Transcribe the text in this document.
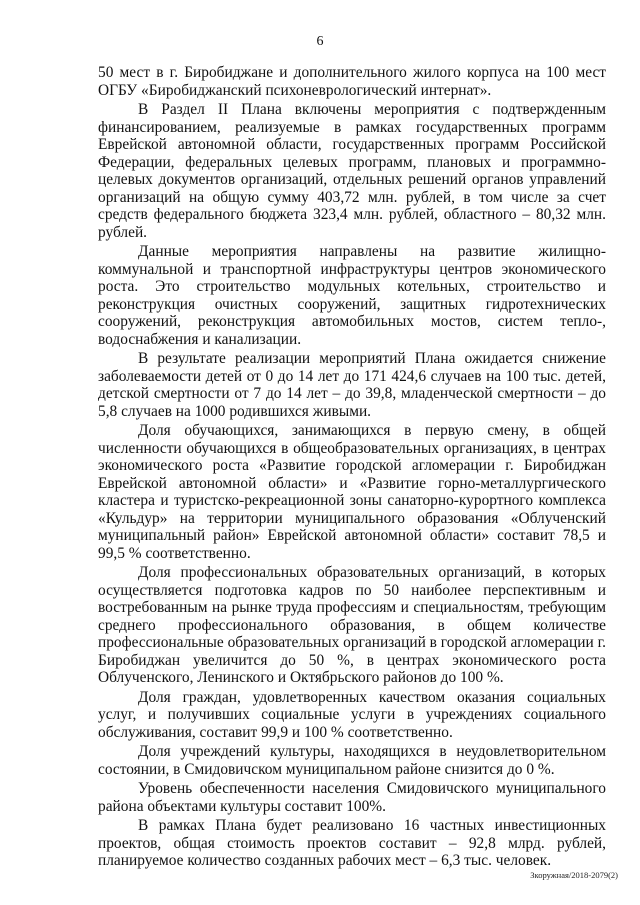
6

50 мест в г. Биробиджане и дополнительного жилого корпуса на 100 мест ОГБУ «Биробиджанский психоневрологический интернат».

В Раздел II Плана включены мероприятия с подтвержденным финансированием, реализуемые в рамках государственных программ Еврейской автономной области, государственных программ Российской Федерации, федеральных целевых программ, плановых и программно-целевых документов организаций, отдельных решений органов управлений организаций на общую сумму 403,72 млн. рублей, в том числе за счет средств федерального бюджета 323,4 млн. рублей, областного – 80,32 млн. рублей.

Данные мероприятия направлены на развитие жилищно-коммунальной и транспортной инфраструктуры центров экономического роста. Это строительство модульных котельных, строительство и реконструкция очистных сооружений, защитных гидротехнических сооружений, реконструкция автомобильных мостов, систем тепло-, водоснабжения и канализации.

В результате реализации мероприятий Плана ожидается снижение заболеваемости детей от 0 до 14 лет до 171 424,6 случаев на 100 тыс. детей, детской смертности от 7 до 14 лет – до 39,8, младенческой смертности – до 5,8 случаев на 1000 родившихся живыми.

Доля обучающихся, занимающихся в первую смену, в общей численности обучающихся в общеобразовательных организациях, в центрах экономического роста «Развитие городской агломерации г. Биробиджан Еврейской автономной области» и «Развитие горно-металлургического кластера и туристско-рекреационной зоны санаторно-курортного комплекса «Кульдур» на территории муниципального образования «Облученский муниципальный район» Еврейской автономной области» составит 78,5 и 99,5 % соответственно.

Доля профессиональных образовательных организаций, в которых осуществляется подготовка кадров по 50 наиболее перспективным и востребованным на рынке труда профессиям и специальностям, требующим среднего профессионального образования, в общем количестве профессиональные образовательных организаций в городской агломерации г. Биробиджан увеличится до 50 %, в центрах экономического роста Облученского, Ленинского и Октябрьского районов до 100 %.

Доля граждан, удовлетворенных качеством оказания социальных услуг, и получивших социальные услуги в учреждениях социального обслуживания, составит 99,9 и 100 % соответственно.

Доля учреждений культуры, находящихся в неудовлетворительном состоянии, в Смидовичском муниципальном районе снизится до 0 %.

Уровень обеспеченности населения Смидовичского муниципального района объектами культуры составит 100%.

В рамках Плана будет реализовано 16 частных инвестиционных проектов, общая стоимость проектов составит – 92,8 млрд. рублей, планируемое количество созданных рабочих мест – 6,3 тыс. человек.

Зкоружная/2018-2079(2)
